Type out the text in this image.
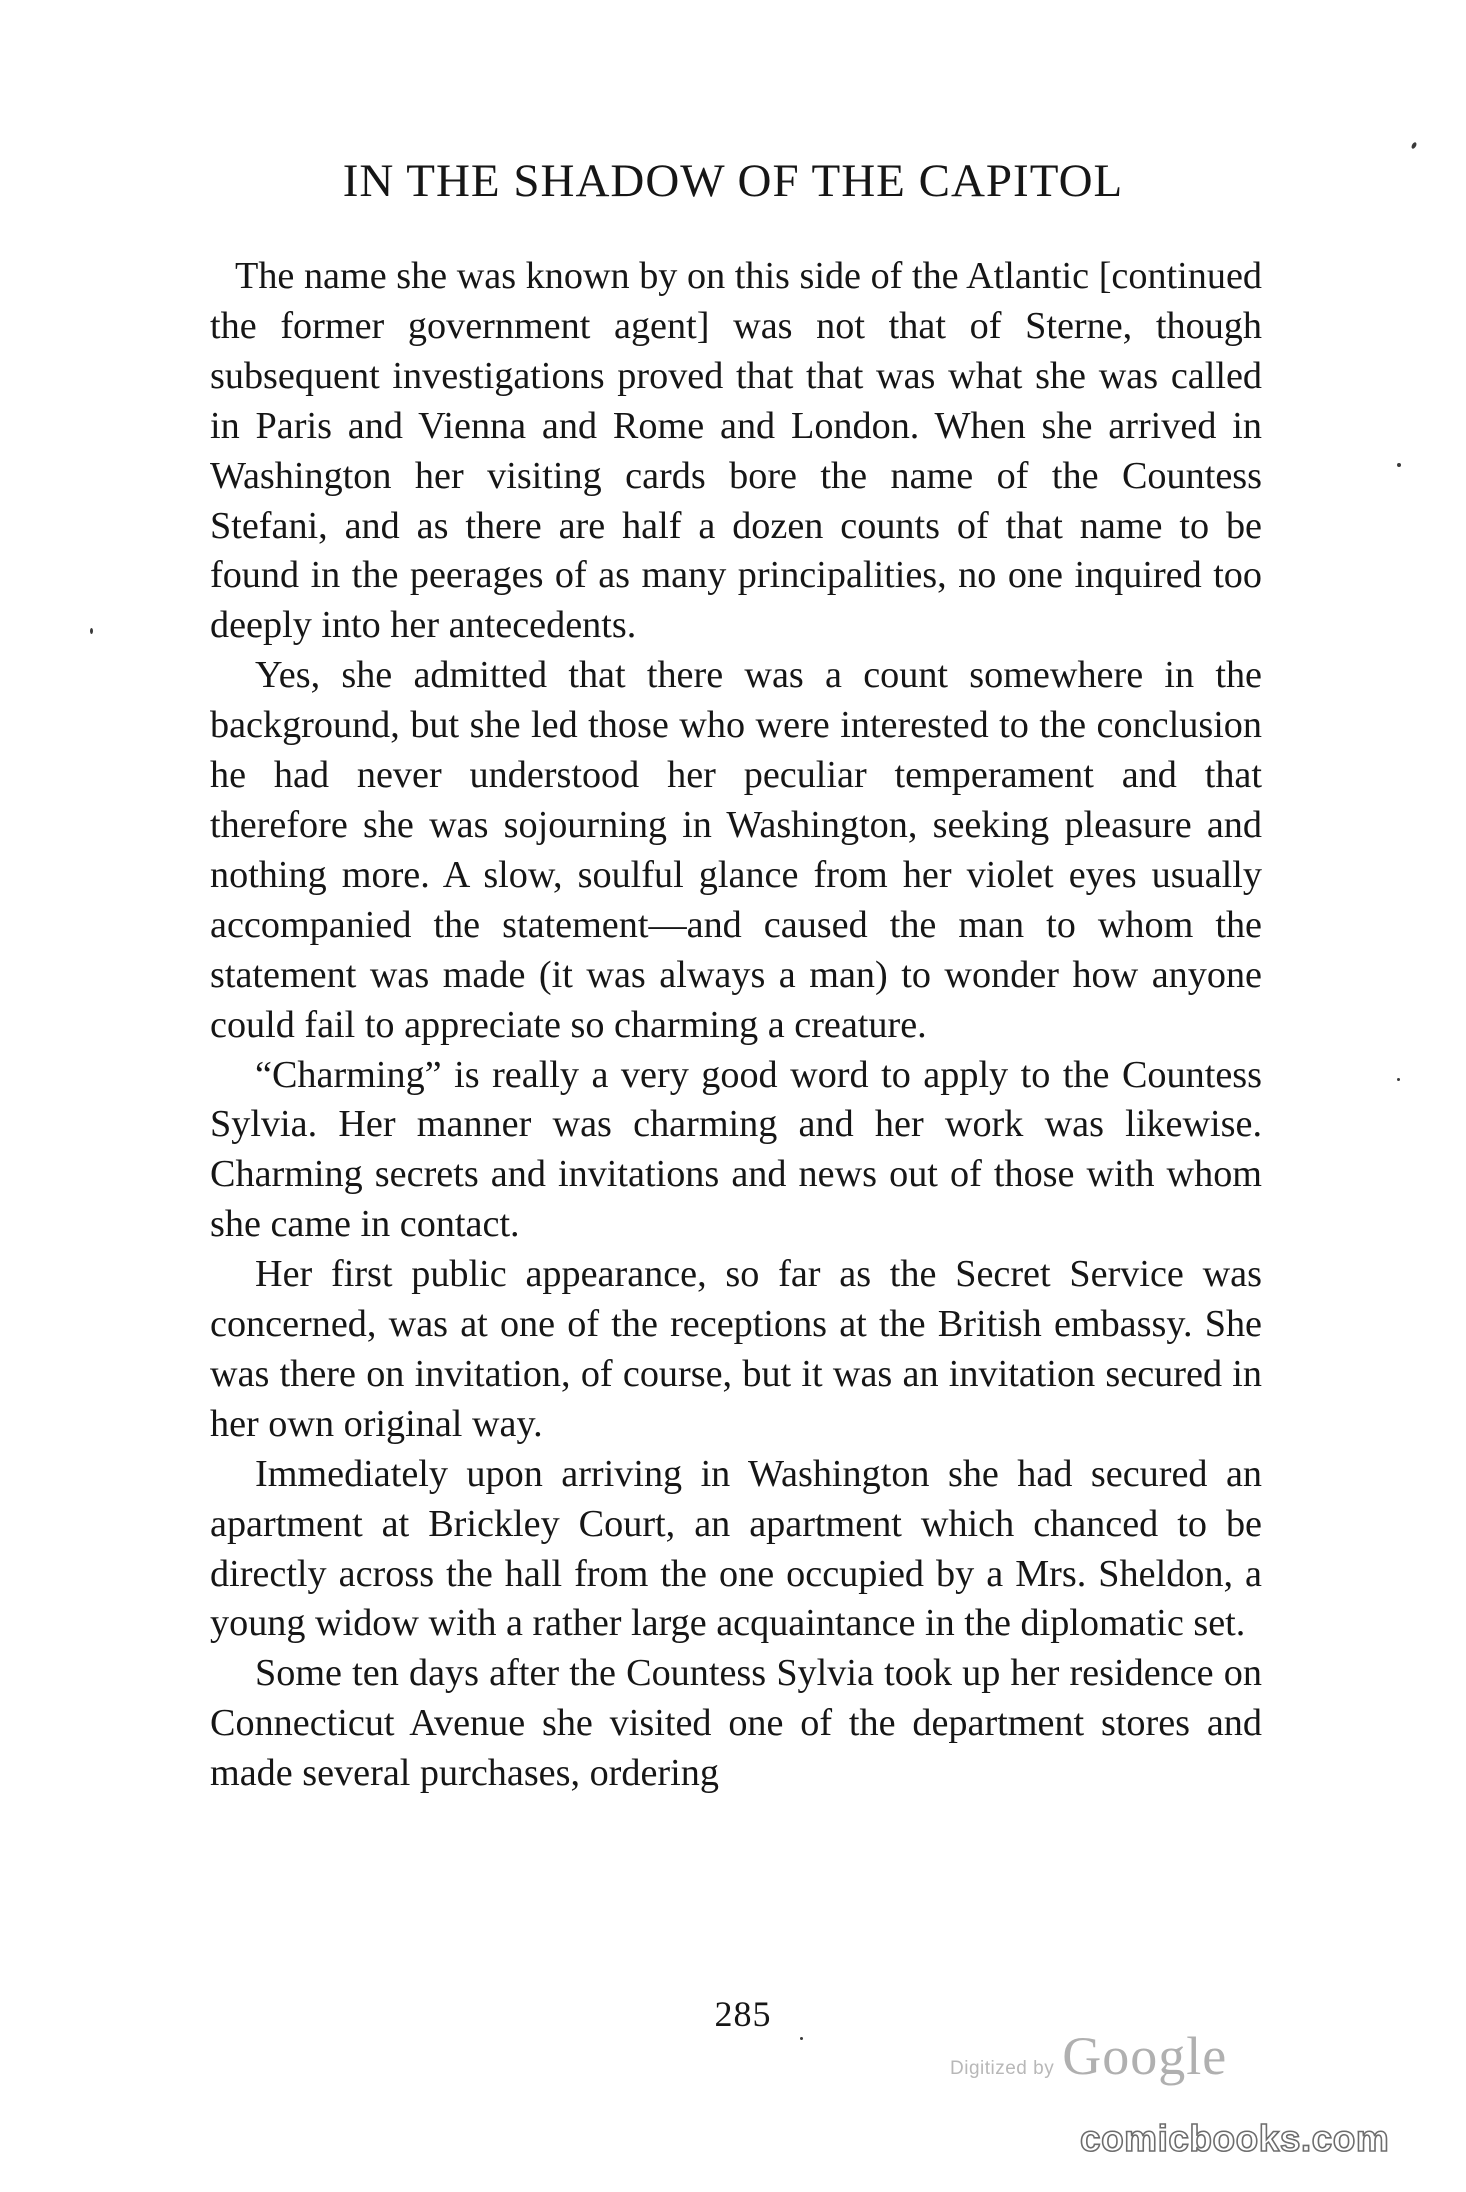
IN THE SHADOW OF THE CAPITOL

The name she was known by on this side of the Atlantic [continued the former government agent] was not that of Sterne, though subsequent investigations proved that that was what she was called in Paris and Vienna and Rome and London. When she arrived in Washington her visiting cards bore the name of the Countess Stefani, and as there are half a dozen counts of that name to be found in the peerages of as many principalities, no one inquired too deeply into her antecedents.

Yes, she admitted that there was a count somewhere in the background, but she led those who were interested to the conclusion he had never understood her peculiar temperament and that therefore she was sojourning in Washington, seeking pleasure and nothing more. A slow, soulful glance from her violet eyes usually accompanied the statement—and caused the man to whom the statement was made (it was always a man) to wonder how anyone could fail to appreciate so charming a creature.

“Charming” is really a very good word to apply to the Countess Sylvia. Her manner was charming and her work was likewise. Charming secrets and invitations and news out of those with whom she came in contact.

Her first public appearance, so far as the Secret Service was concerned, was at one of the receptions at the British embassy. She was there on invitation, of course, but it was an invitation secured in her own original way.

Immediately upon arriving in Washington she had secured an apartment at Brickley Court, an apartment which chanced to be directly across the hall from the one occupied by a Mrs. Sheldon, a young widow with a rather large acquaintance in the diplomatic set.

Some ten days after the Countess Sylvia took up her residence on Connecticut Avenue she visited one of the department stores and made several purchases, ordering

285
Digitized by Google
comicbooks.com
